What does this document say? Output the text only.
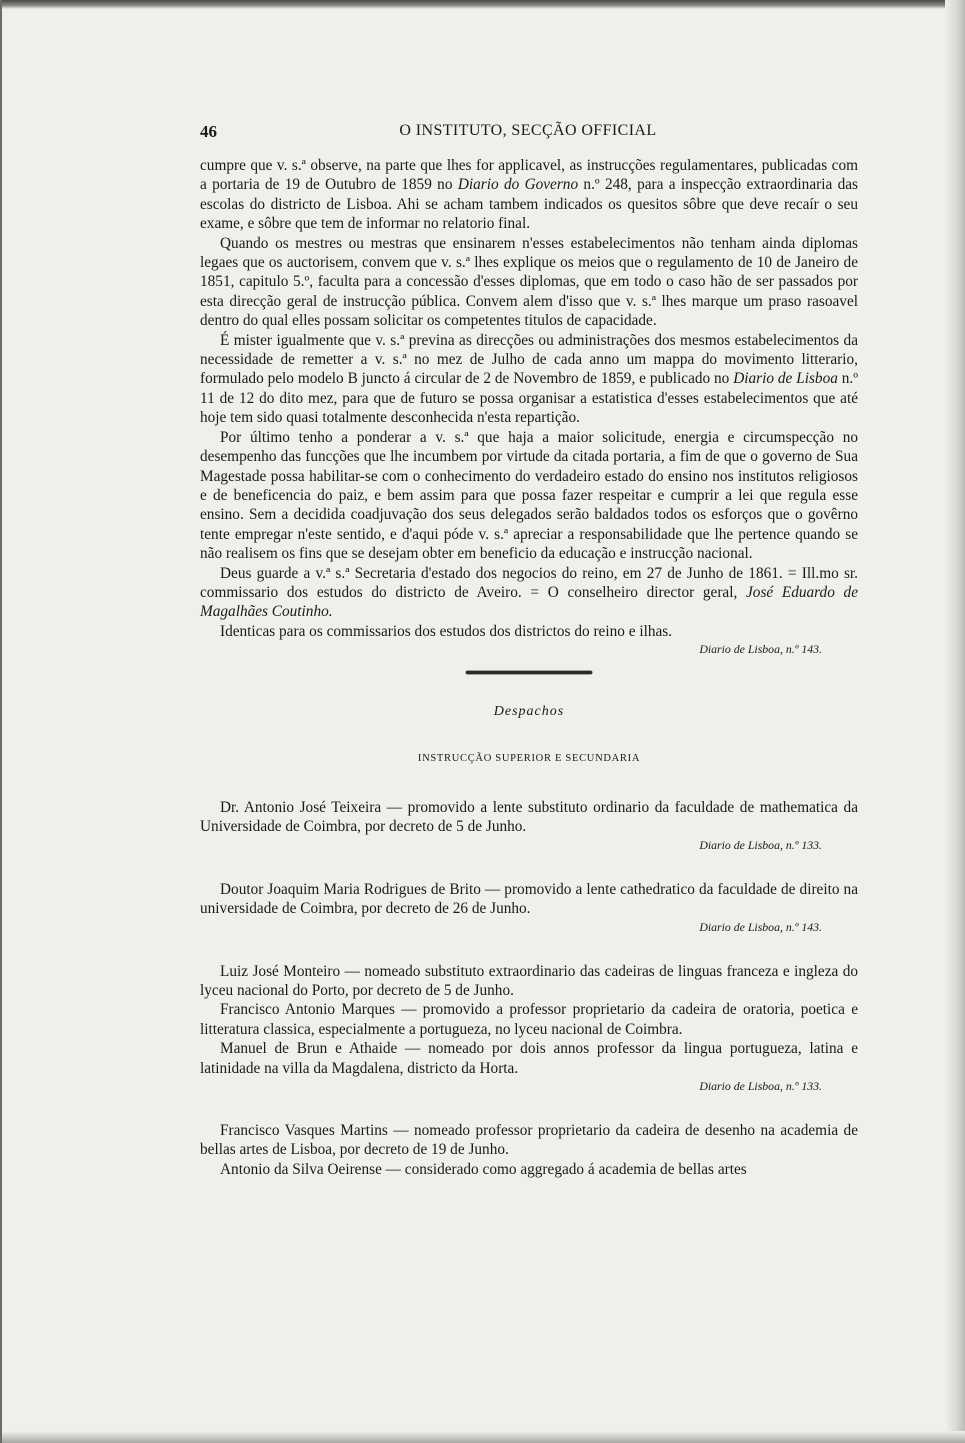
46	O INSTITUTO, SECÇÃO OFFICIAL

cumpre que v. s.ª observe, na parte que lhes for applicavel, as instrucções regulamentares, publicadas com a portaria de 19 de Outubro de 1859 no Diario do Governo n.º 248, para a inspecção extraordinaria das escolas do districto de Lisboa. Ahi se acham tambem indicados os quesitos sôbre que deve recaír o seu exame, e sôbre que tem de informar no relatorio final.

Quando os mestres ou mestras que ensinarem n'esses estabelecimentos não tenham ainda diplomas legaes que os auctorisem, convem que v. s.ª lhes explique os meios que o regulamento de 10 de Janeiro de 1851, capitulo 5.º, faculta para a concessão d'esses diplomas, que em todo o caso hão de ser passados por esta direcção geral de instrucção pública. Convem alem d'isso que v. s.ª lhes marque um praso rasoavel dentro do qual elles possam solicitar os competentes titulos de capacidade.

É mister igualmente que v. s.ª previna as direcções ou administrações dos mesmos estabelecimentos da necessidade de remetter a v. s.ª no mez de Julho de cada anno um mappa do movimento litterario, formulado pelo modelo B juncto á circular de 2 de Novembro de 1859, e publicado no Diario de Lisboa n.º 11 de 12 do dito mez, para que de futuro se possa organisar a estatistica d'esses estabelecimentos que até hoje tem sido quasi totalmente desconhecida n'esta repartição.

Por último tenho a ponderar a v. s.ª que haja a maior solicitude, energia e circumspecção no desempenho das funcções que lhe incumbem por virtude da citada portaria, a fim de que o governo de Sua Magestade possa habilitar-se com o conhecimento do verdadeiro estado do ensino nos institutos religiosos e de beneficencia do paiz, e bem assim para que possa fazer respeitar e cumprir a lei que regula esse ensino. Sem a decidida coadjuvação dos seus delegados serão baldados todos os esforços que o govêrno tente empregar n'este sentido, e d'aqui póde v. s.ª apreciar a responsabilidade que lhe pertence quando se não realisem os fins que se desejam obter em beneficio da educação e instrucção nacional.

Deus guarde a v.ª s.ª Secretaria d'estado dos negocios do reino, em 27 de Junho de 1861. = Ill.mo sr. commissario dos estudos do districto de Aveiro. = O conselheiro director geral, José Eduardo de Magalhães Coutinho.

Identicas para os commissarios dos estudos dos districtos do reino e ilhas.

Diario de Lisboa, n.º 143.

Despachos
INSTRUCÇÃO SUPERIOR E SECUNDARIA

Dr. Antonio José Teixeira — promovido a lente substituto ordinario da faculdade de mathematica da Universidade de Coimbra, por decreto de 5 de Junho.

Diario de Lisboa, n.º 133.

Doutor Joaquim Maria Rodrigues de Brito — promovido a lente cathedratico da faculdade de direito na universidade de Coimbra, por decreto de 26 de Junho.

Diario de Lisboa, n.º 143.

Luiz José Monteiro — nomeado substituto extraordinario das cadeiras de linguas franceza e ingleza do lyceu nacional do Porto, por decreto de 5 de Junho.

Francisco Antonio Marques — promovido a professor proprietario da cadeira de oratoria, poetica e litteratura classica, especialmente a portugueza, no lyceu nacional de Coimbra.

Manuel de Brun e Athaide — nomeado por dois annos professor da lingua portugueza, latina e latinidade na villa da Magdalena, districto da Horta.

Diario de Lisboa, n.º 133.

Francisco Vasques Martins — nomeado professor proprietario da cadeira de desenho na academia de bellas artes de Lisboa, por decreto de 19 de Junho.

Antonio da Silva Oeirense — considerado como aggregado á academia de bellas artes
